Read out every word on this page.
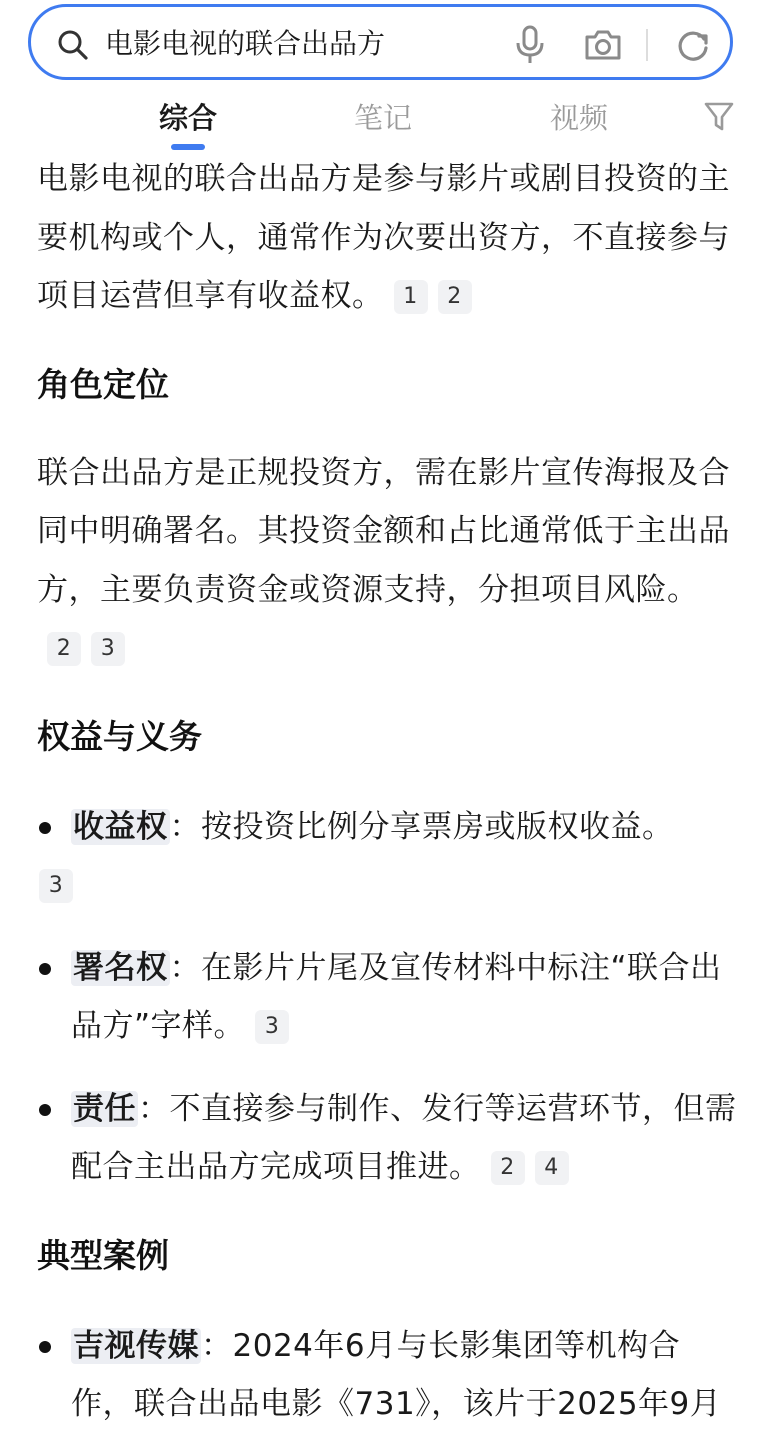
电影电视的联合出品方
综合	笔记	视频

电影电视的联合出品方是参与影片或剧目投资的主要机构或个人，通常作为次要出资方，不直接参与项目运营但享有收益权。 1 2

角色定位

联合出品方是正规投资方，需在影片宣传海报及合同中明确署名。其投资金额和占比通常低于主出品方，主要负责资金或资源支持，分担项目风险。2 3

权益与义务
收益权：按投资比例分享票房或版权收益。
3
署名权：在影片片尾及宣传材料中标注“联合出品方”字样。 3
责任：不直接参与制作、发行等运营环节，但需配合主出品方完成项目推进。 2 4
典型案例
吉视传媒：2024年6月与长影集团等机构合作，联合出品电影《731》，该片于2025年9月
